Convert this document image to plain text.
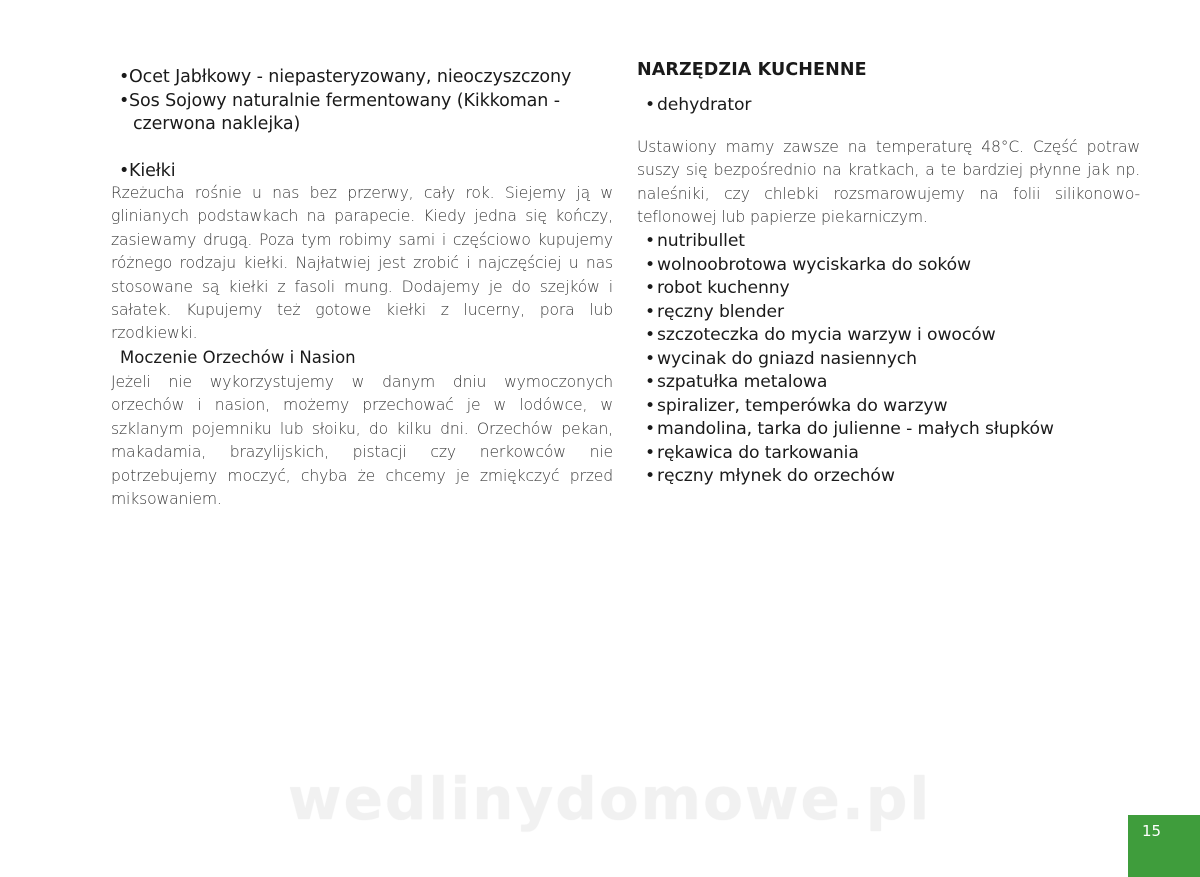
•Ocet Jabłkowy - niepasteryzowany, nieoczyszczony
•Sos Sojowy naturalnie fermentowany (Kikkoman -
czerwona naklejka)
•Kiełki
Rzeżucha rośnie u nas bez przerwy, cały rok. Siejemy ją w glinianych podstawkach na parapecie. Kiedy jedna się kończy, zasiewamy drugą. Poza tym robimy sami i częściowo kupujemy różnego rodzaju kiełki. Najłatwiej jest zrobić i najczęściej u nas stosowane są kiełki z fasoli mung. Dodajemy je do szejków i sałatek. Kupujemy też gotowe kiełki z lucerny, pora lub rzodkiewki.
Moczenie Orzechów i Nasion
Jeżeli nie wykorzystujemy w danym dniu wymoczonych orzechów i nasion, możemy przechować je w lodówce, w szklanym pojemniku lub słoiku, do kilku dni. Orzechów pekan, makadamia, brazylijskich, pistacji czy nerkowców nie potrzebujemy moczyć, chyba że chcemy je zmiękczyć przed miksowaniem.
NARZĘDZIA KUCHENNE
• dehydrator
Ustawiony mamy zawsze na temperaturę 48°C. Część potraw suszy się bezpośrednio na kratkach, a te bardziej płynne jak np. naleśniki, czy chlebki rozsmarowujemy na folii silikonowo-teflonowej lub papierze piekarniczym.
• nutribullet
• wolnoobrotowa wyciskarka do soków
• robot kuchenny
• ręczny blender
• szczoteczka do mycia warzyw i owoców
• wycinak do gniazd nasiennych
• szpatułka metalowa
• spiralizer, temperówka do warzyw
• mandolina, tarka do julienne - małych słupków
• rękawica do tarkowania
• ręczny młynek do orzechów
wedlinydomowe.pl	15
